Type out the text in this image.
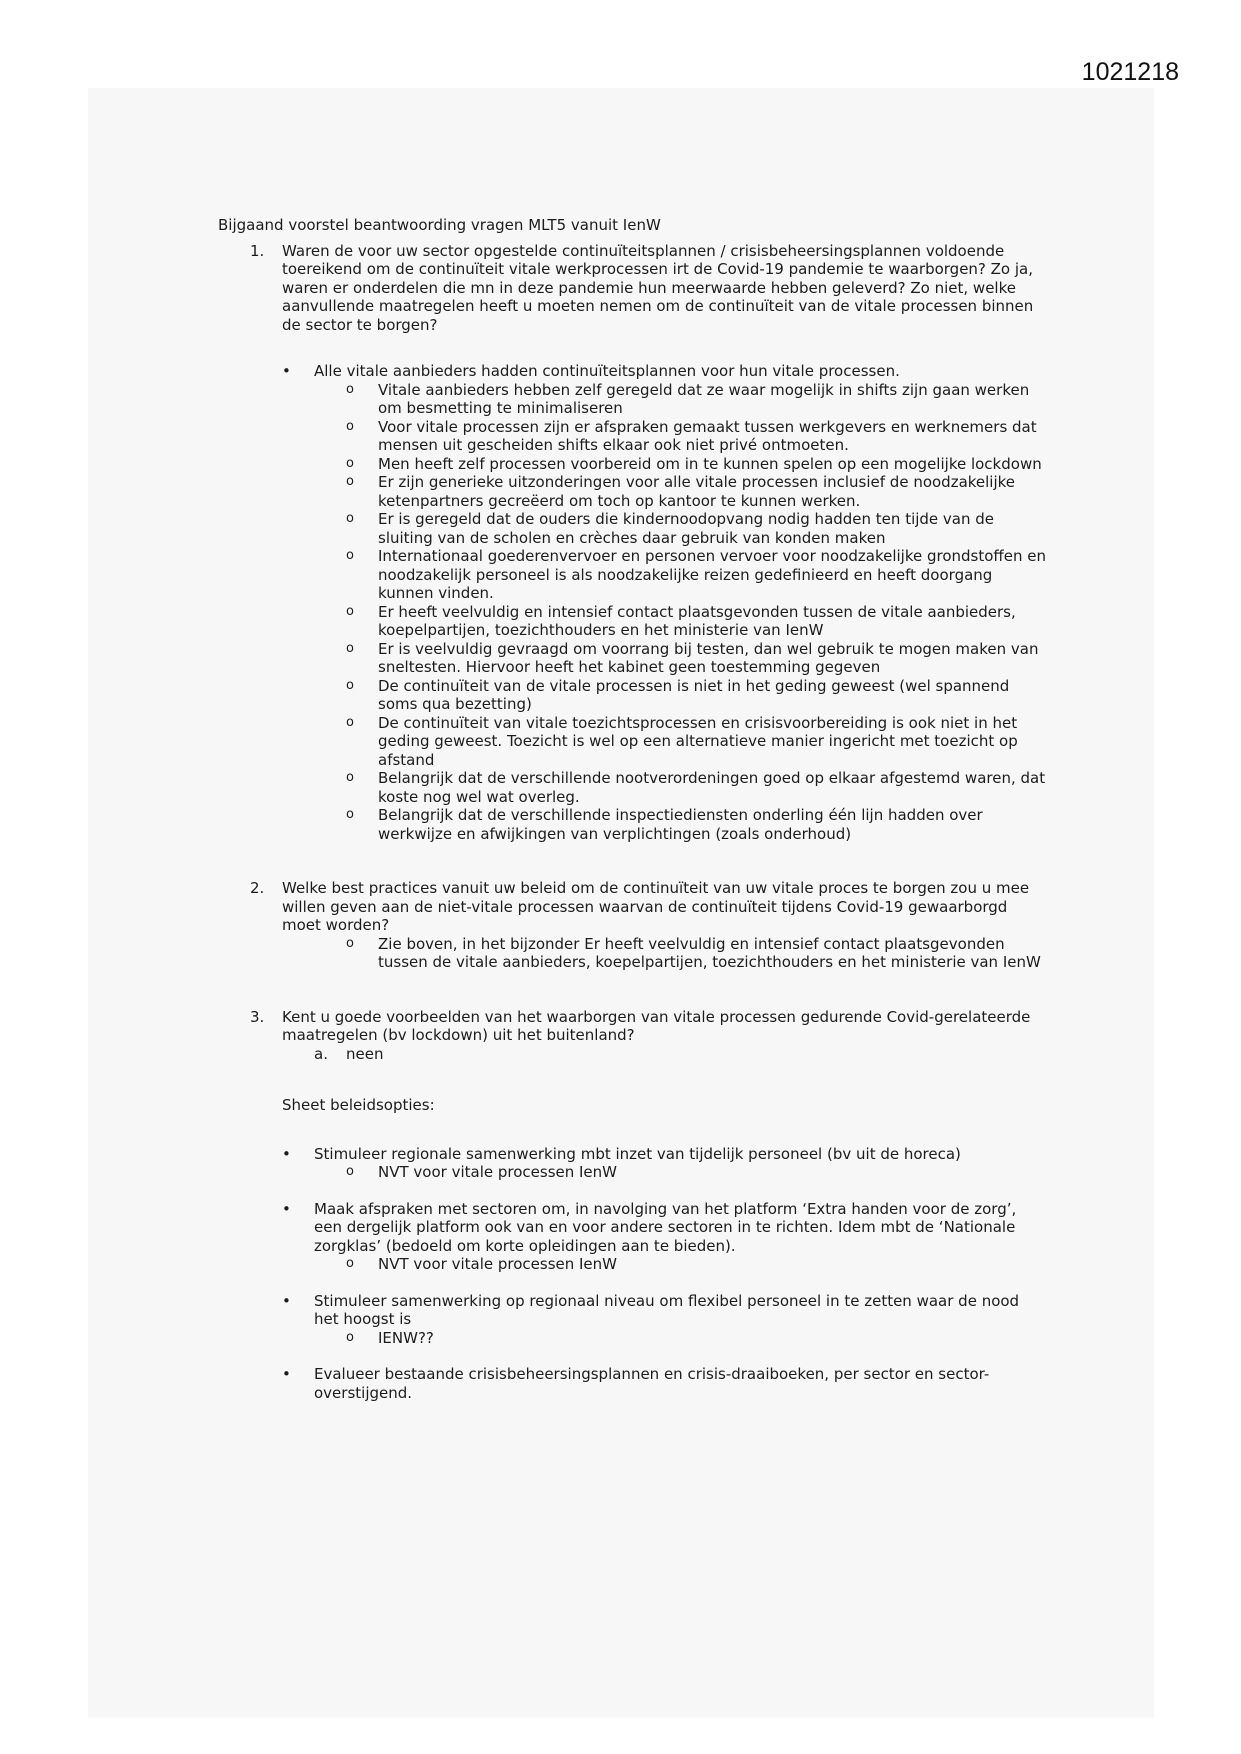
1021218
Bijgaand voorstel beantwoording vragen MLT5 vanuit IenW
1. Waren de voor uw sector opgestelde continuïteitsplannen / crisisbeheersingsplannen voldoende toereikend om de continuïteit vitale werkprocessen irt de Covid-19 pandemie te waarborgen? Zo ja, waren er onderdelen die mn in deze pandemie hun meerwaarde hebben geleverd? Zo niet, welke aanvullende maatregelen heeft u moeten nemen om de continuïteit van de vitale processen binnen de sector te borgen?
• Alle vitale aanbieders hadden continuïteitsplannen voor hun vitale processen.
o Vitale aanbieders hebben zelf geregeld dat ze waar mogelijk in shifts zijn gaan werken om besmetting te minimaliseren
o Voor vitale processen zijn er afspraken gemaakt tussen werkgevers en werknemers dat mensen uit gescheiden shifts elkaar ook niet privé ontmoeten.
o Men heeft zelf processen voorbereid om in te kunnen spelen op een mogelijke lockdown
o Er zijn generieke uitzonderingen voor alle vitale processen inclusief de noodzakelijke ketenpartners gecreëerd om toch op kantoor te kunnen werken.
o Er is geregeld dat de ouders die kindernoodopvang nodig hadden ten tijde van de sluiting van de scholen en crèches daar gebruik van konden maken
o Internationaal goederenvervoer en personen vervoer voor noodzakelijke grondstoffen en noodzakelijk personeel is als noodzakelijke reizen gedefinieerd en heeft doorgang kunnen vinden.
o Er heeft veelvuldig en intensief contact plaatsgevonden tussen de vitale aanbieders, koepelpartijen, toezichthouders en het ministerie van IenW
o Er is veelvuldig gevraagd om voorrang bij testen, dan wel gebruik te mogen maken van sneltesten. Hiervoor heeft het kabinet geen toestemming gegeven
o De continuïteit van de vitale processen is niet in het geding geweest (wel spannend soms qua bezetting)
o De continuïteit van vitale toezichtsprocessen en crisisvoorbereiding is ook niet in het geding geweest. Toezicht is wel op een alternatieve manier ingericht met toezicht op afstand
o Belangrijk dat de verschillende nootverordeningen goed op elkaar afgestemd waren, dat koste nog wel wat overleg.
o Belangrijk dat de verschillende inspectiediensten onderling één lijn hadden over werkwijze en afwijkingen van verplichtingen (zoals onderhoud)
2. Welke best practices vanuit uw beleid om de continuïteit van uw vitale proces te borgen zou u mee willen geven aan de niet-vitale processen waarvan de continuïteit tijdens Covid-19 gewaarborgd moet worden?
o Zie boven, in het bijzonder Er heeft veelvuldig en intensief contact plaatsgevonden tussen de vitale aanbieders, koepelpartijen, toezichthouders en het ministerie van IenW
3. Kent u goede voorbeelden van het waarborgen van vitale processen gedurende Covid-gerelateerde maatregelen (bv lockdown) uit het buitenland?
a. neen
Sheet beleidsopties:
• Stimuleer regionale samenwerking mbt inzet van tijdelijk personeel (bv uit de horeca)
o NVT voor vitale processen IenW
• Maak afspraken met sectoren om, in navolging van het platform ‘Extra handen voor de zorg’, een dergelijk platform ook van en voor andere sectoren in te richten. Idem mbt de ‘Nationale zorgklas’ (bedoeld om korte opleidingen aan te bieden).
o NVT voor vitale processen IenW
• Stimuleer samenwerking op regionaal niveau om flexibel personeel in te zetten waar de nood het hoogst is
o IENW??
• Evalueer bestaande crisisbeheersingsplannen en crisis-draaiboeken, per sector en sector-overstijgend.
